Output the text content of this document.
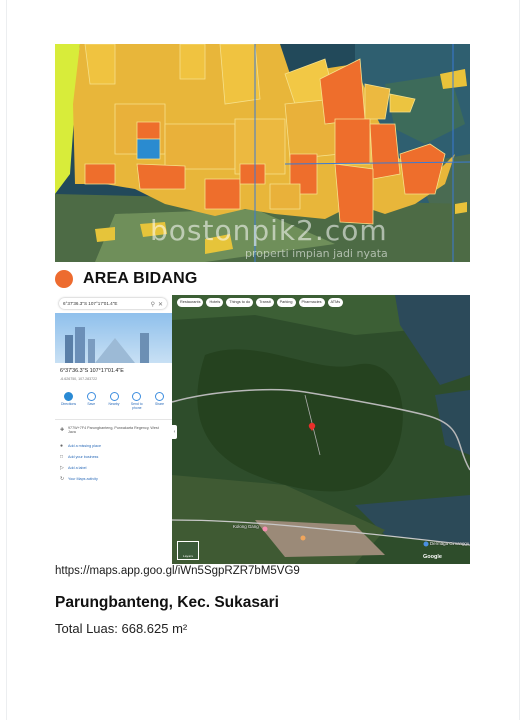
bostonpik2.com
properti impian jadi nyata
AREA BIDANG
Restaurants	Hotels	Things to do	Transit	Parking	Pharmacies	ATMs
Kolong Gang
Dermaga Cimanggu
Layers	Google
6°37'36.3"S 107°17'01.4"E	⚲ ✕
6°37'36.3"S 107°17'01.4"E
-6.626750, 107.283722
Directions	Save	Nearby	Send to phone
Share
✚ 977W+7F4 Parungbanteng, Purwakarta Regency, West Java
● Add a missing place
□ Add your business
▷ Add a label
↻ Your Maps activity
‹
https://maps.app.goo.gl/iWn5SgpRZR7bM5VG9
Parungbanteng, Kec. Sukasari
Total Luas: 668.625 m²
